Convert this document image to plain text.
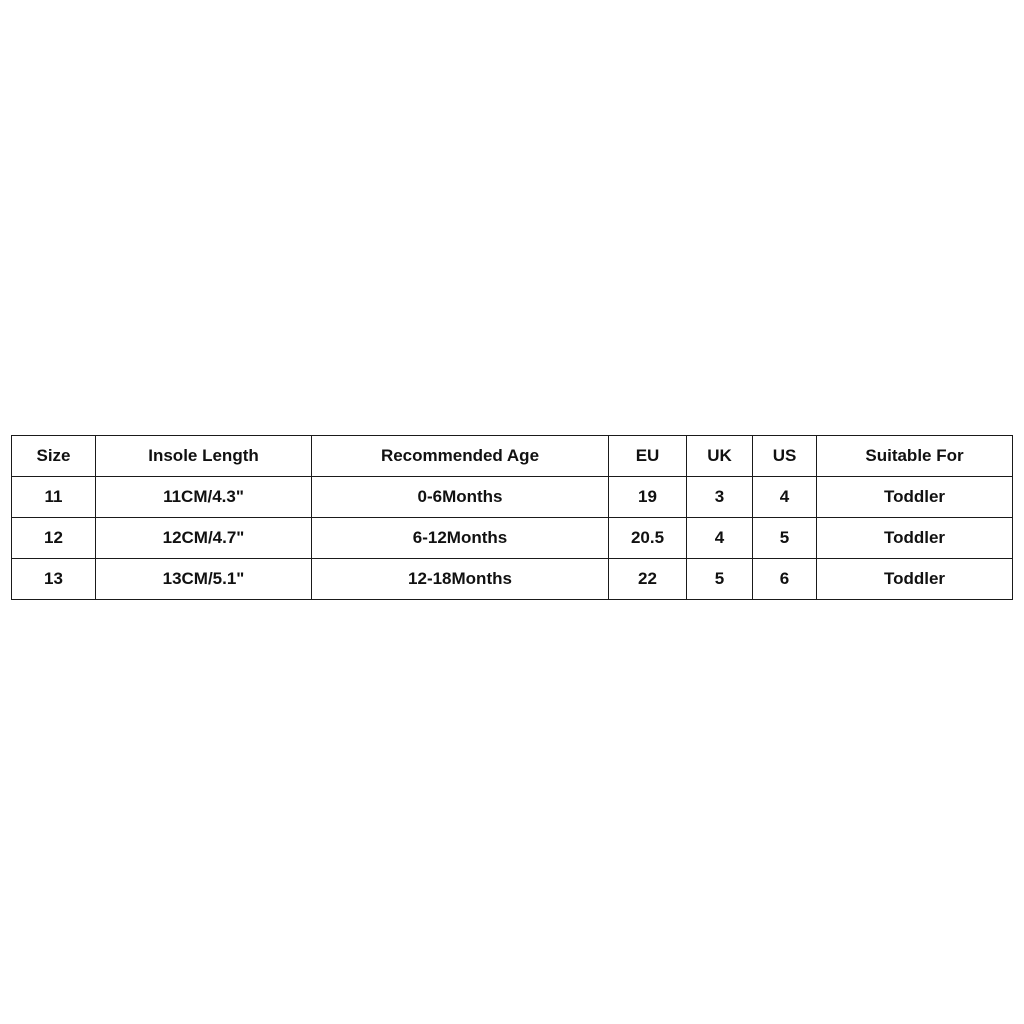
Size	Insole Length	Recommended Age	EU	UK	US	Suitable For
11	11CM/4.3"	0-6Months	19	3	4	Toddler
12	12CM/4.7"	6-12Months	20.5	4	5	Toddler
13	13CM/5.1"	12-18Months	22	5	6	Toddler
